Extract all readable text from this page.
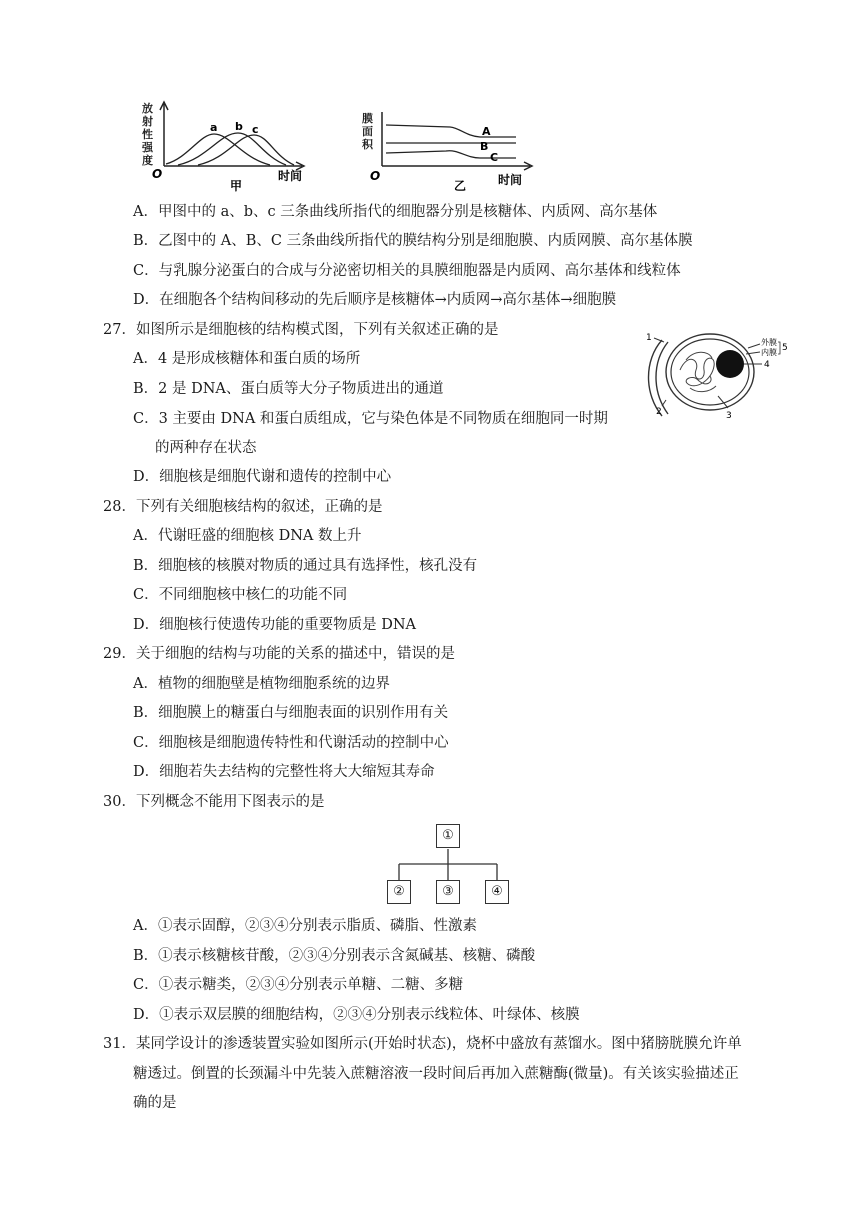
放
射
性
强
度
O	时间
甲
a b c
膜
面
积
O
乙	时间
A
B
C
A．甲图中的 a、b、c 三条曲线所指代的细胞器分别是核糖体、内质网、高尔基体
B．乙图中的 A、B、C 三条曲线所指代的膜结构分别是细胞膜、内质网膜、高尔基体膜
C．与乳腺分泌蛋白的合成与分泌密切相关的具膜细胞器是内质网、高尔基体和线粒体
D．在细胞各个结构间移动的先后顺序是核糖体→内质网→高尔基体→细胞膜
27．如图所示是细胞核的结构模式图，下列有关叙述正确的是
A．4 是形成核糖体和蛋白质的场所
B．2 是 DNA、蛋白质等大分子物质进出的通道
C．3 主要由 DNA 和蛋白质组成，它与染色体是不同物质在细胞同一时期
的两种存在状态
D．细胞核是细胞代谢和遗传的控制中心
1
2	3
4
外膜
内膜 5
28．下列有关细胞核结构的叙述，正确的是
A．代谢旺盛的细胞核 DNA 数上升
B．细胞核的核膜对物质的通过具有选择性，核孔没有
C．不同细胞核中核仁的功能不同
D．细胞核行使遗传功能的重要物质是 DNA
29．关于细胞的结构与功能的关系的描述中，错误的是
A．植物的细胞壁是植物细胞系统的边界
B．细胞膜上的糖蛋白与细胞表面的识别作用有关
C．细胞核是细胞遗传特性和代谢活动的控制中心
D．细胞若失去结构的完整性将大大缩短其寿命
30．下列概念不能用下图表示的是
①
②	③	④
A．①表示固醇，②③④分别表示脂质、磷脂、性激素
B．①表示核糖核苷酸，②③④分别表示含氮碱基、核糖、磷酸
C．①表示糖类，②③④分别表示单糖、二糖、多糖
D．①表示双层膜的细胞结构，②③④分别表示线粒体、叶绿体、核膜
31．某同学设计的渗透装置实验如图所示(开始时状态)，烧杯中盛放有蒸馏水。图中猪膀胱膜允许单
糖透过。倒置的长颈漏斗中先装入蔗糖溶液一段时间后再加入蔗糖酶(微量)。有关该实验描述正
确的是
